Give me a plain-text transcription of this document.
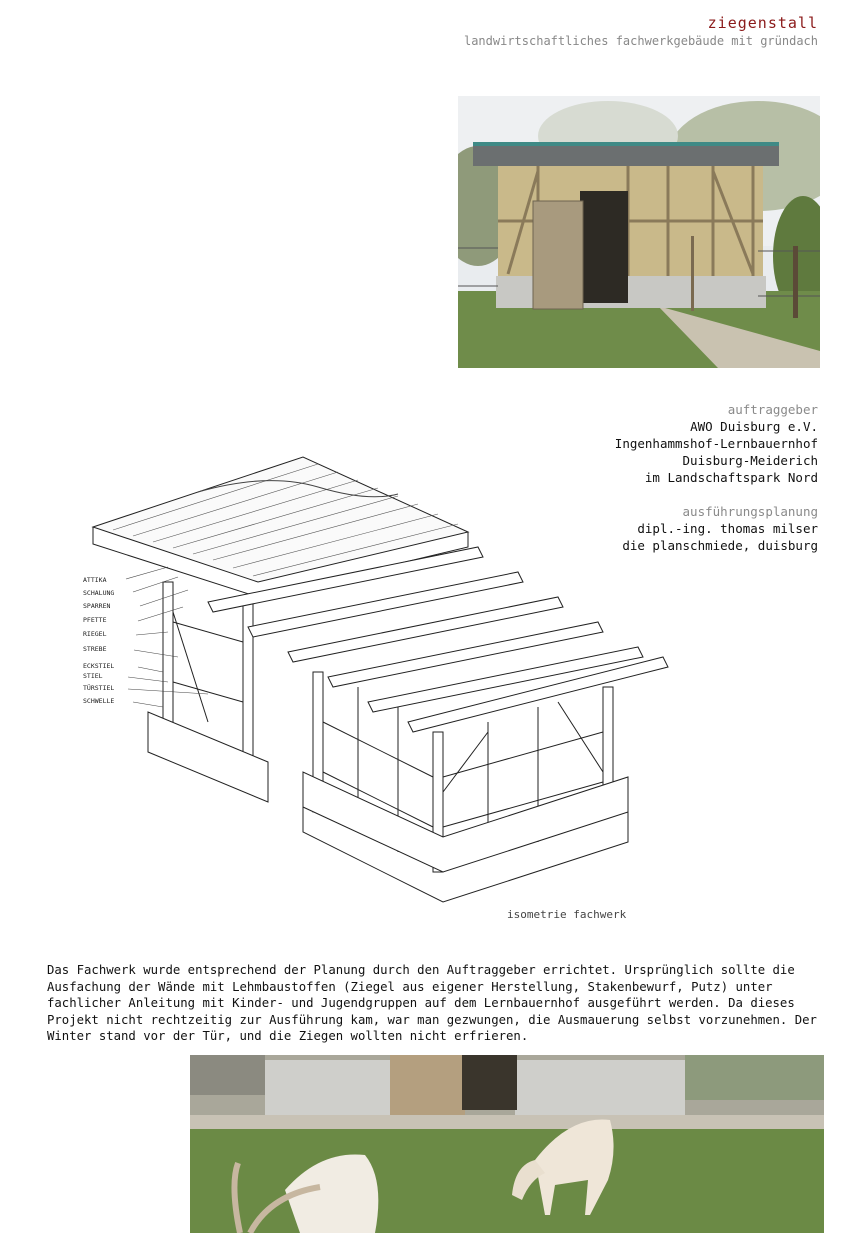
ziegenstall
landwirtschaftliches fachwerkgebäude mit gründach
auftraggeber
AWO Duisburg e.V.
Ingenhammshof-Lernbauernhof
Duisburg-Meiderich
im Landschaftspark Nord
ausführungsplanung
dipl.-ing. thomas milser
die planschmiede, duisburg
ATTIKA
SCHALUNG
SPARREN
PFETTE
RIEGEL
STREBE
ECKSTIEL
STIEL
TÜRSTIEL
SCHWELLE
isometrie fachwerk
Das Fachwerk wurde entsprechend der Planung durch den Auftraggeber errichtet. Ursprünglich sollte die Ausfachung der Wände mit Lehmbaustoffen (Ziegel aus eigener Herstellung, Stakenbewurf, Putz) unter fachlicher Anleitung mit Kinder- und Jugendgruppen auf dem Lernbauernhof ausgeführt werden. Da dieses Projekt nicht rechtzeitig zur Ausführung kam, war man gezwungen, die Ausmauerung selbst vorzunehmen. Der Winter stand vor der Tür, und die Ziegen wollten nicht erfrieren.
